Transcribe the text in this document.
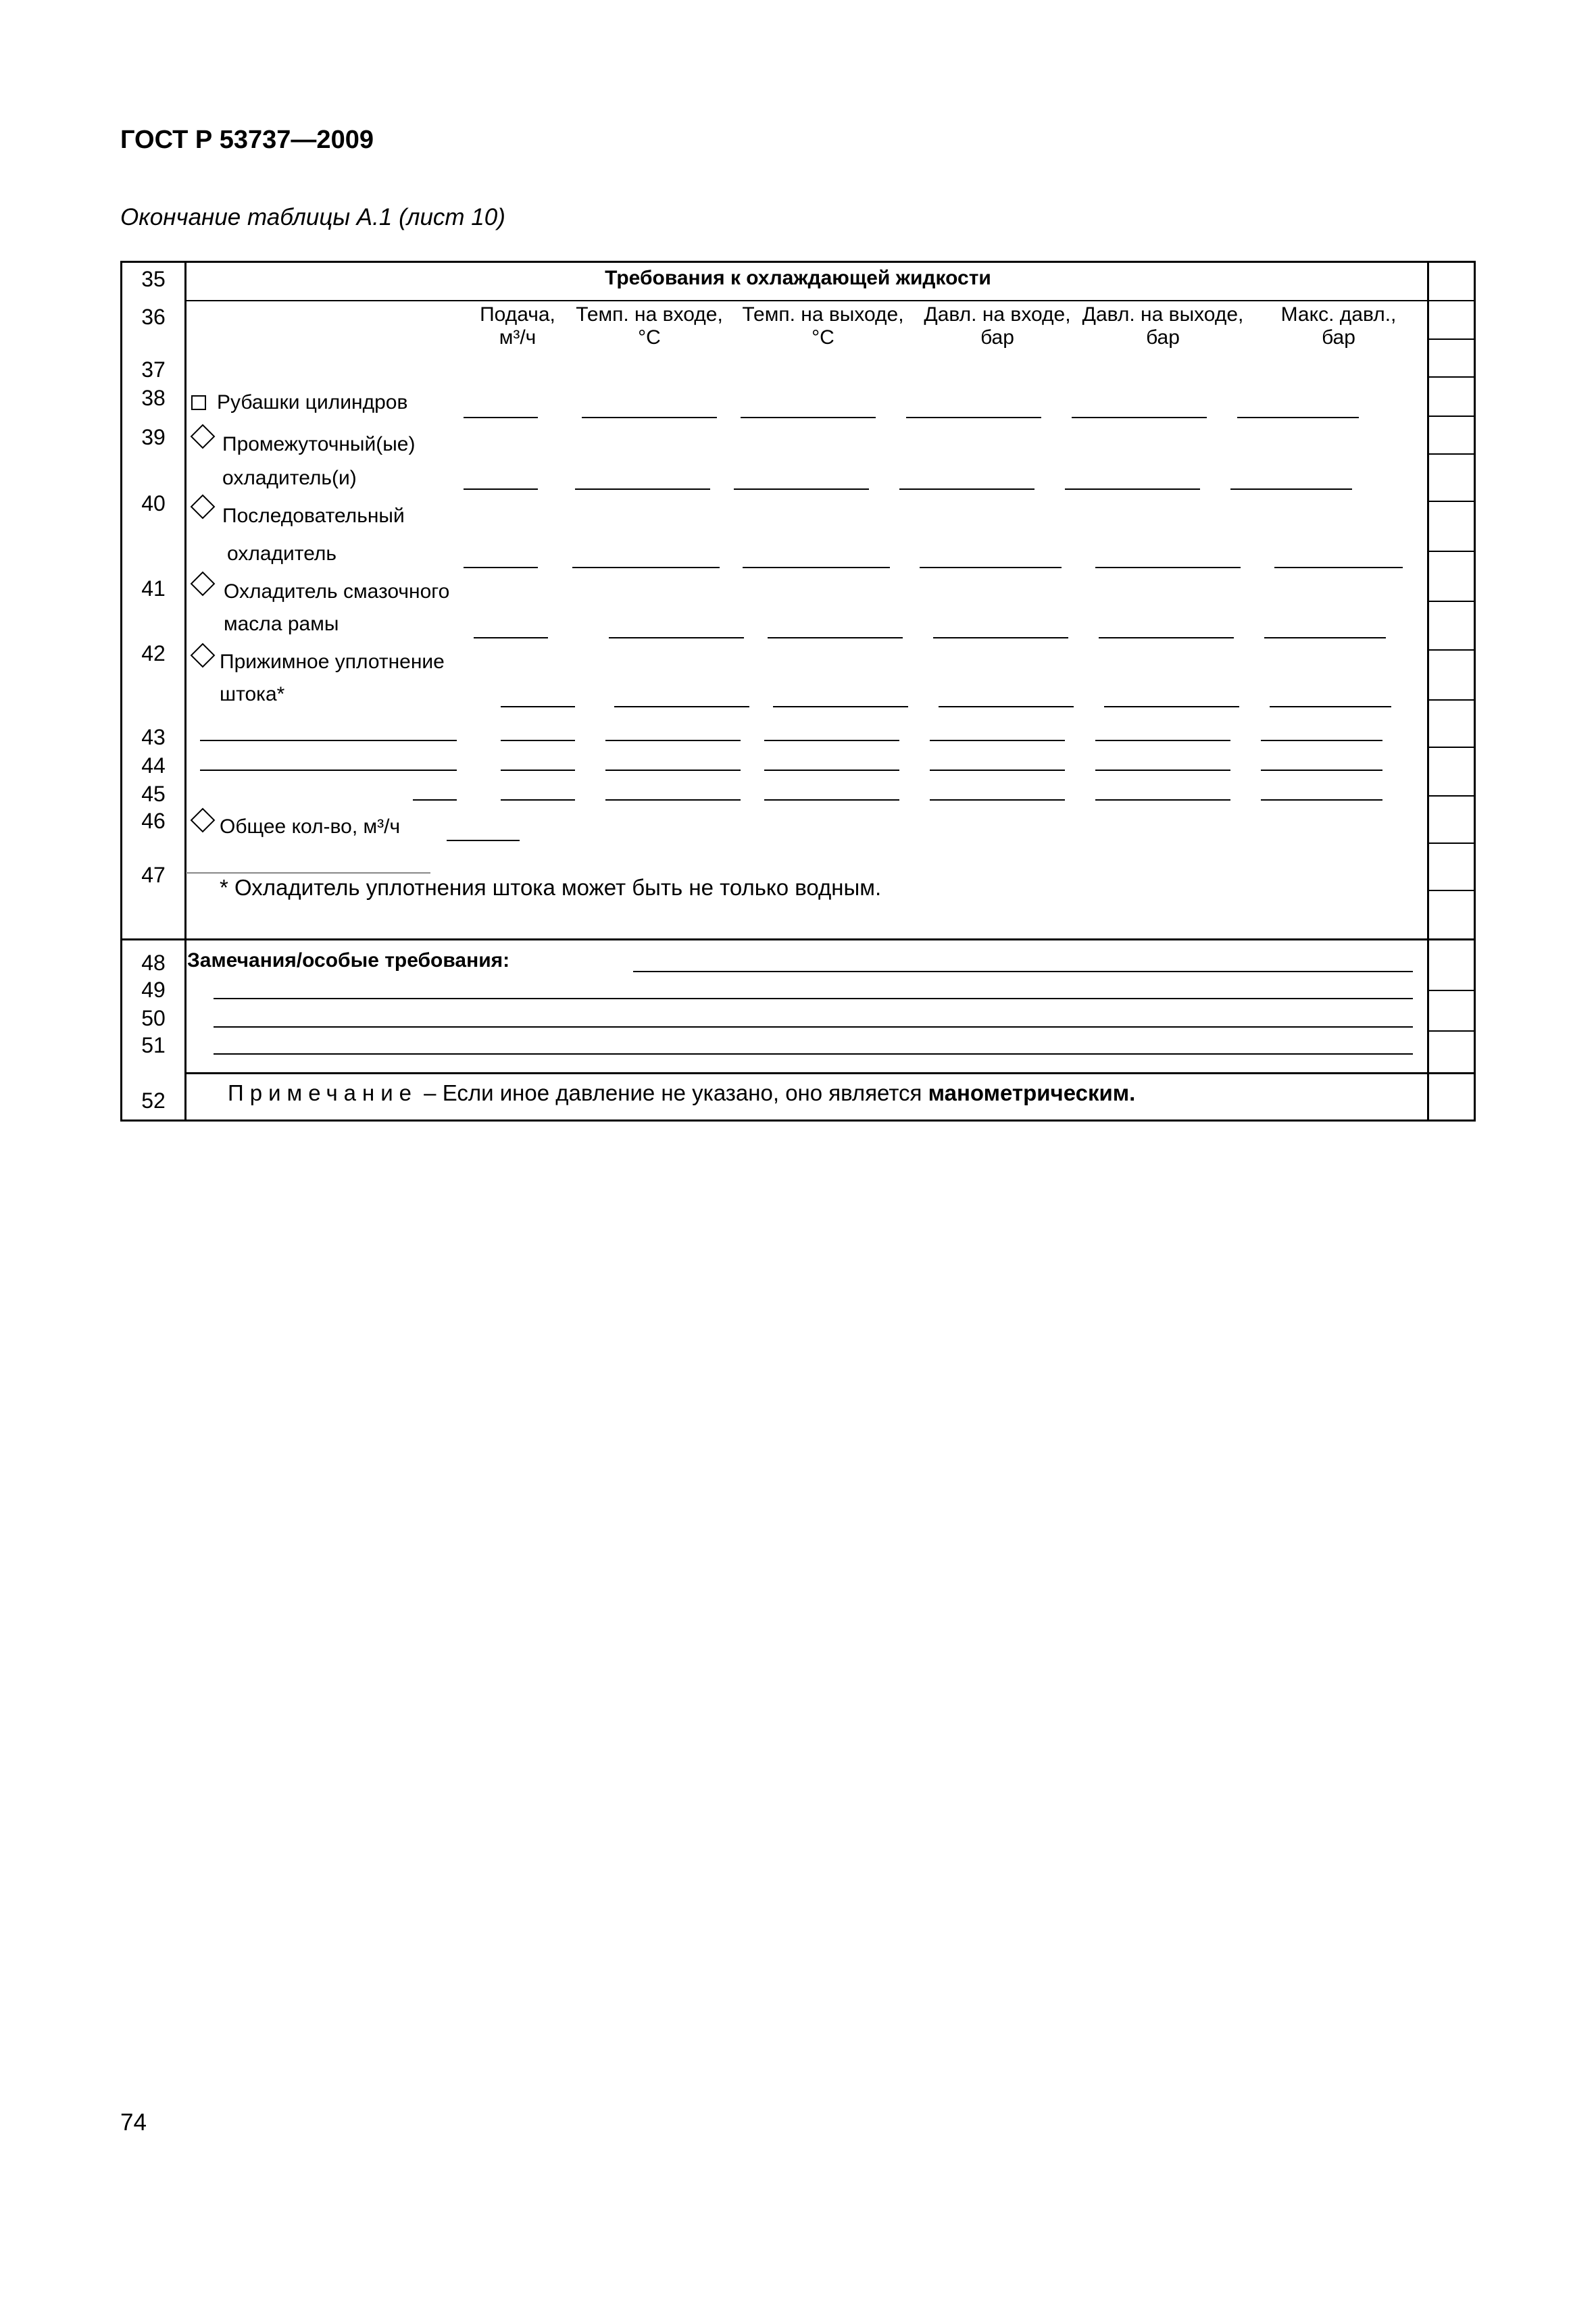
ГОСТ Р 53737—2009
Окончание таблицы А.1 (лист 10)
35
36
37
38
39
40
41
42
43
44
45
46
47
48
49
50
51
52
Требования к охлаждающей жидкости
Подача,
м³/ч
Темп. на входе,
°С
Темп. на выходе,
°С
Давл. на входе,
бар
Давл. на выходе,
бар
Макс. давл.,
бар
Рубашки цилиндров
Промежуточный(ые)
охладитель(и)
Последовательный
охладитель
Охладитель смазочного
масла рамы
Прижимное уплотнение
штока*
Общее кол-во, м³/ч
* Охладитель уплотнения штока может быть не только водным.
Замечания/особые требования:
Примечание – Если иное давление не указано, оно является манометрическим.
74
